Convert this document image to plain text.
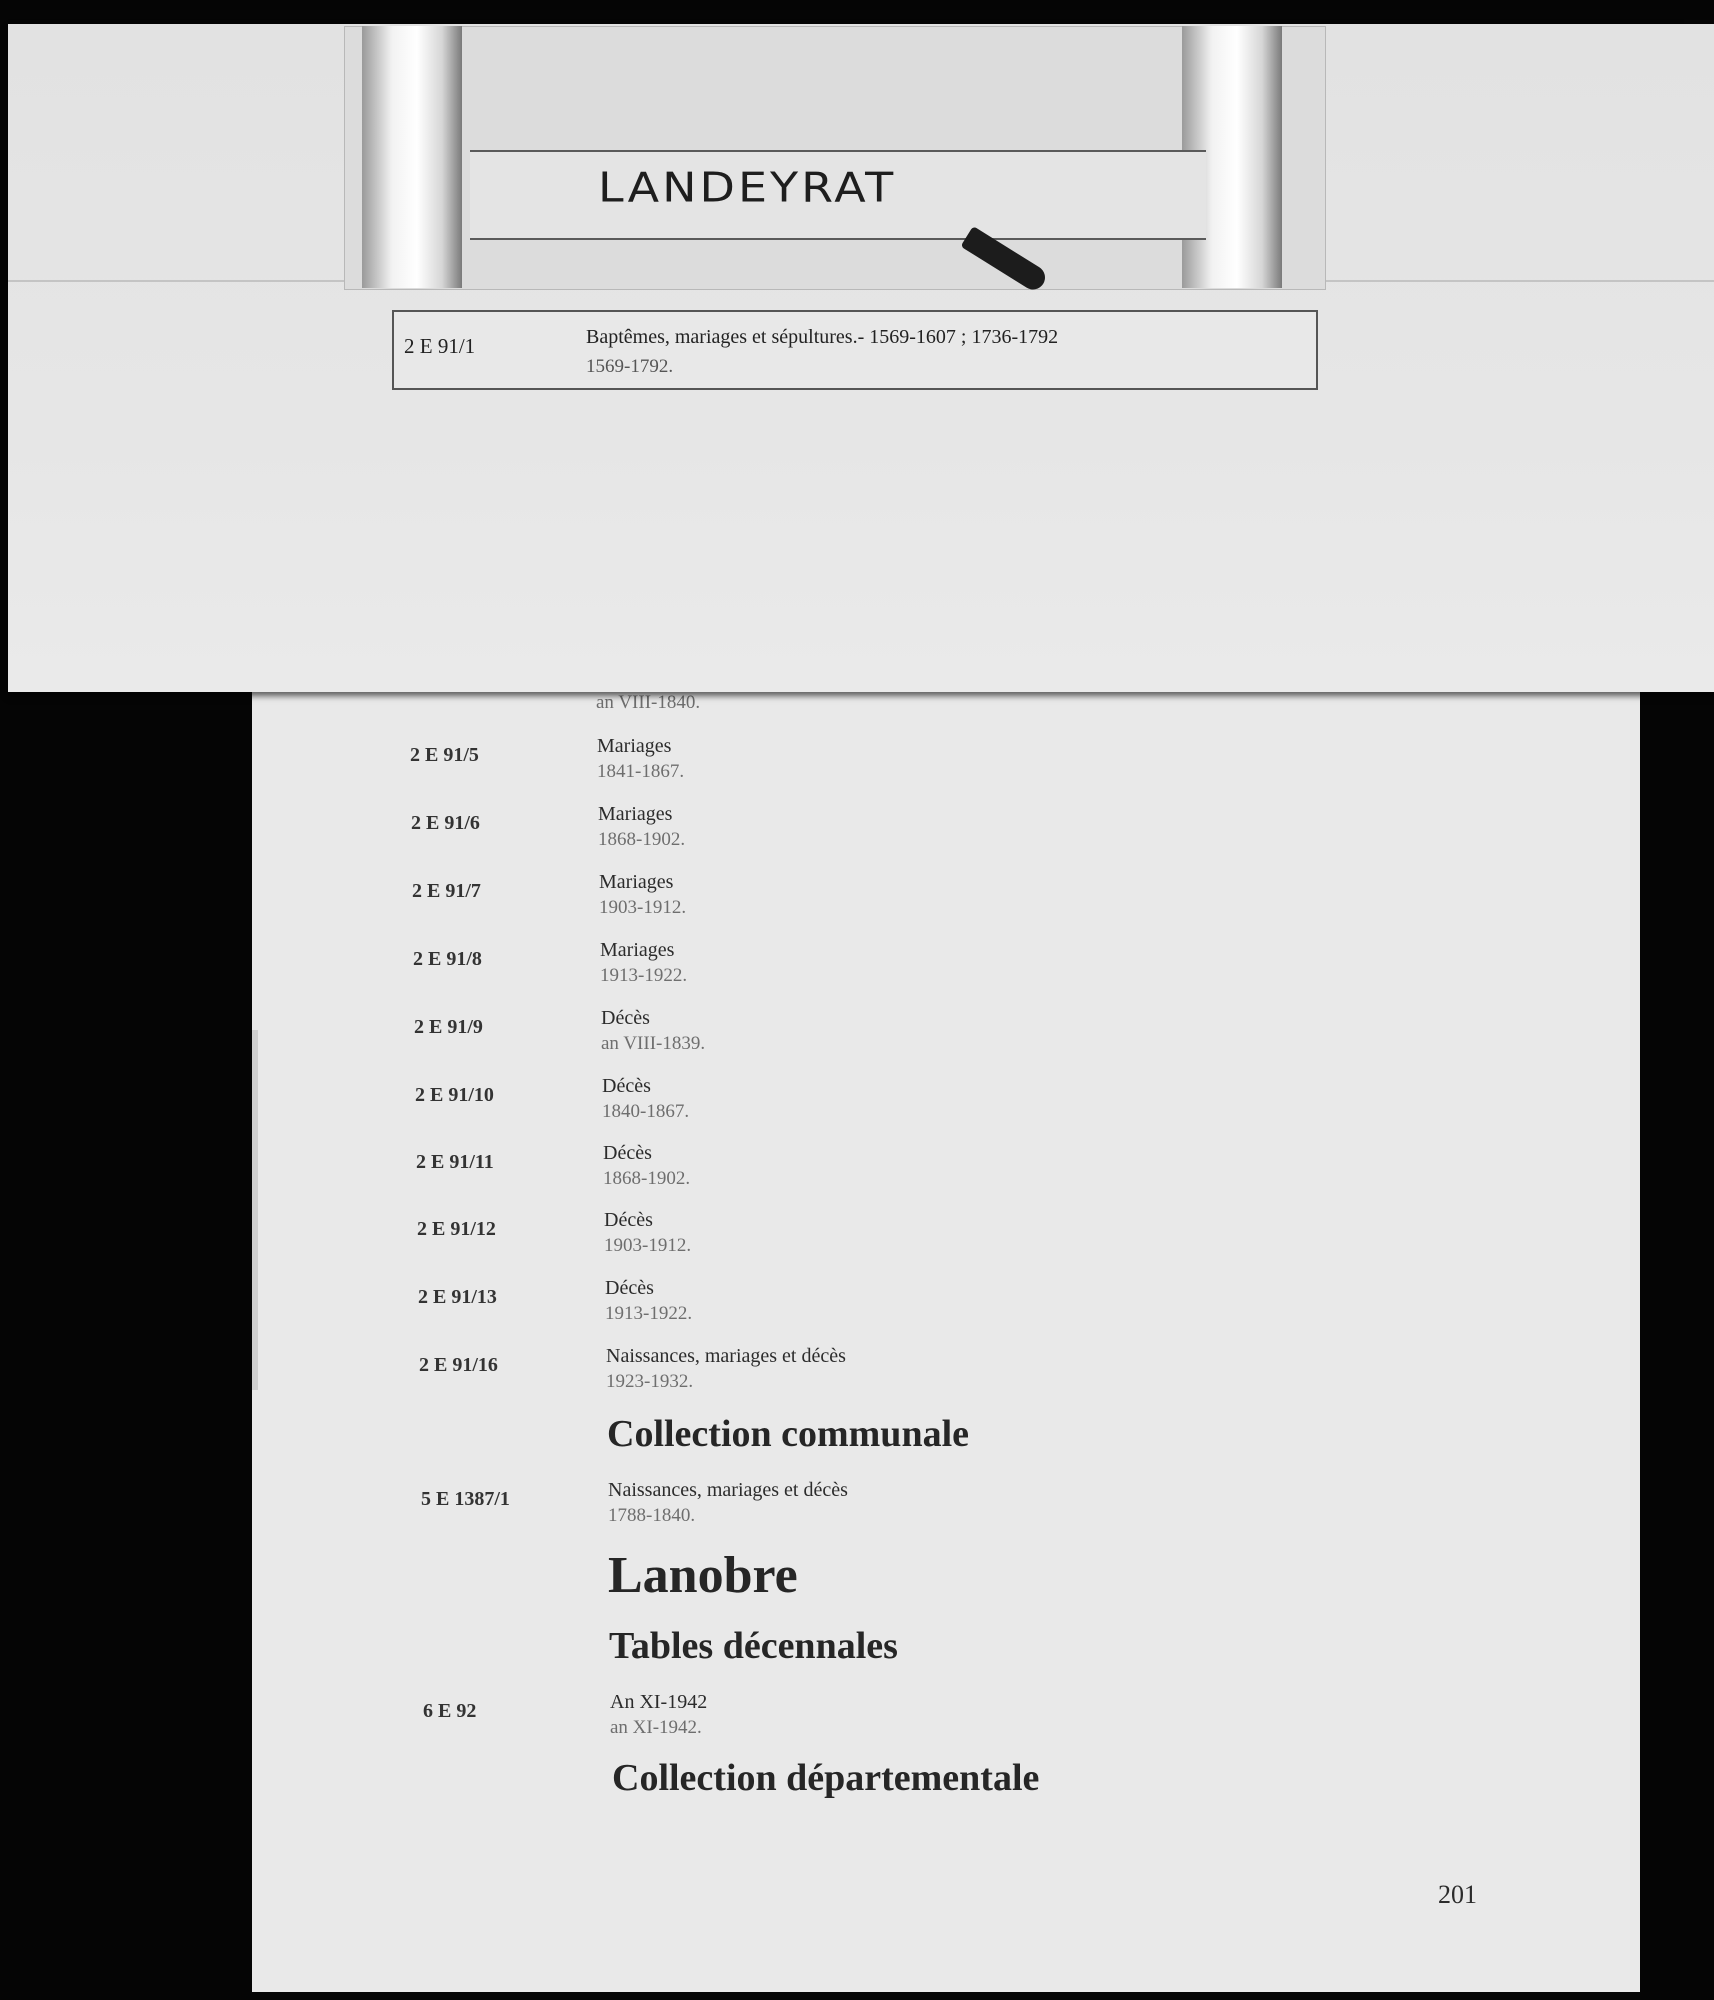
an VIII-1840.
2 E 91/5	Mariages
1841-1867.
2 E 91/6	Mariages
1868-1902.
2 E 91/7	Mariages
1903-1912.
2 E 91/8	Mariages
1913-1922.
2 E 91/9	Décès
an VIII-1839.
2 E 91/10	Décès
1840-1867.
2 E 91/11	Décès
1868-1902.
2 E 91/12	Décès
1903-1912.
2 E 91/13	Décès
1913-1922.
2 E 91/16	Naissances, mariages et décès
1923-1932.
Collection communale
5 E 1387/1	Naissances, mariages et décès
1788-1840.
Lanobre
Tables décennales
6 E 92	An XI-1942
an XI-1942.
Collection départementale
201
LANDEYRAT
2 E 91/1	Baptêmes, mariages et sépultures.- 1569-1607 ; 1736-1792
1569-1792.
